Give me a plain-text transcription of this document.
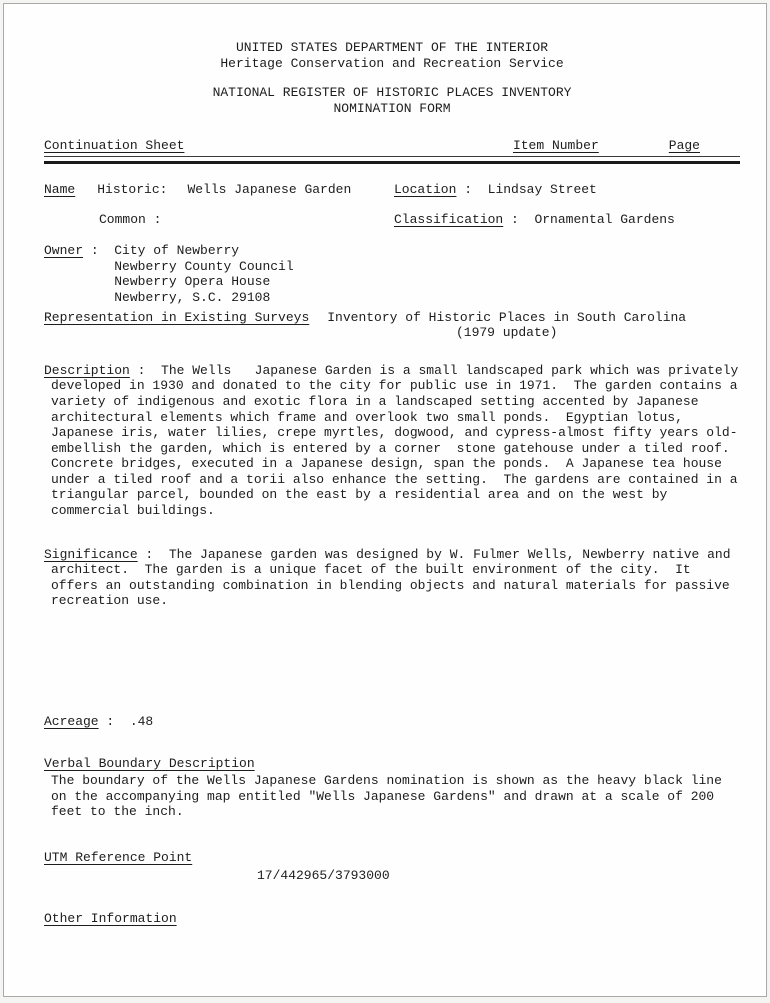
UNITED STATES DEPARTMENT OF THE INTERIOR
Heritage Conservation and Recreation Service
NATIONAL REGISTER OF HISTORIC PLACES INVENTORY
NOMINATION FORM
Continuation Sheet	Item Number	Page
Name Historic: Wells Japanese Garden	Location :  Lindsay Street
Common :	Classification :  Ornamental Gardens
Owner : City of Newberry
Newberry County Council
Newberry Opera House
Newberry, S.C. 29108
Representation in Existing Surveys Inventory of Historic Places in South Carolina
(1979 update)

Description :  The Wells   Japanese Garden is a small landscaped park which was privately developed in 1930 and donated to the city for public use in 1971.  The garden contains a variety of indigenous and exotic flora in a landscaped setting accented by Japanese architectural elements which frame and overlook two small ponds.  Egyptian lotus, Japanese iris, water lilies, crepe myrtles, dogwood, and cypress-almost fifty years old-embellish the garden, which is entered by a corner  stone gatehouse under a tiled roof.  Concrete bridges, executed in a Japanese design, span the ponds.  A Japanese tea house under a tiled roof and a torii also enhance the setting.  The gardens are contained in a triangular parcel, bounded on the east by a residential area and on the west by commercial buildings.

Significance :  The Japanese garden was designed by W. Fulmer Wells, Newberry native and architect.  The garden is a unique facet of the built environment of the city.  It offers an outstanding combination in blending objects and natural materials for passive recreation use.

Acreage :  .48
Verbal Boundary Description

The boundary of the Wells Japanese Gardens nomination is shown as the heavy black line on the accompanying map entitled "Wells Japanese Gardens" and drawn at a scale of 200 feet to the inch.

UTM Reference Point
17/442965/3793000
Other Information
